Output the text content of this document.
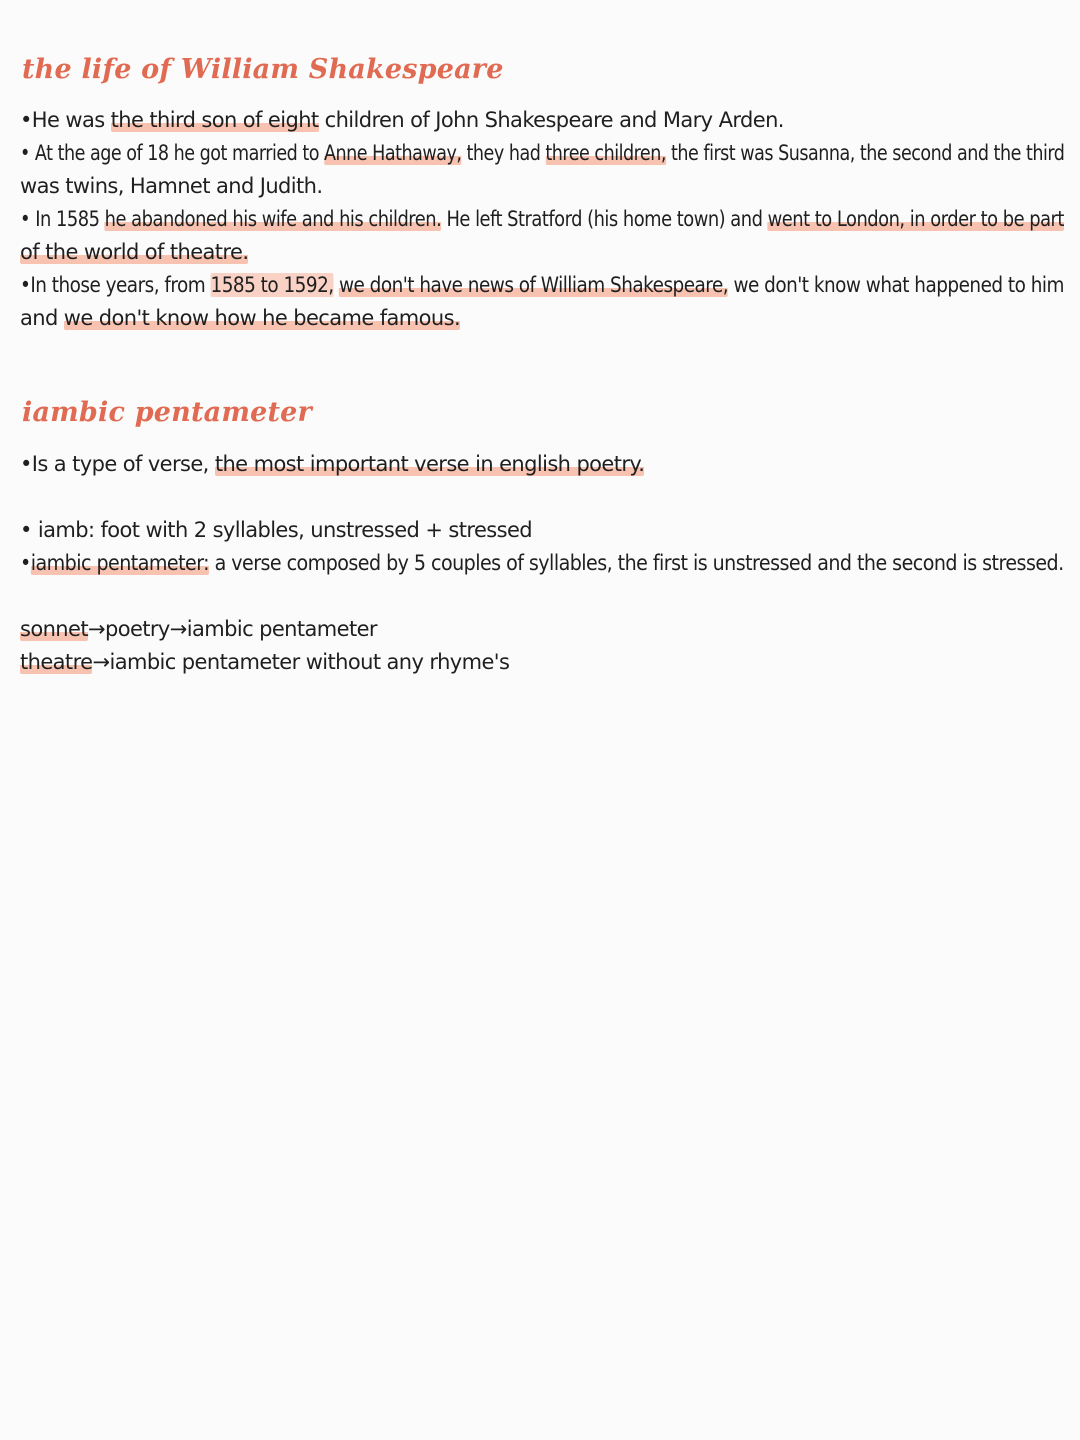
the life of William Shakespeare
•He was the third son of eight children of John Shakespeare and Mary Arden.
• At the age of 18 he got married to Anne Hathaway, they had three children, the first was Susanna, the second and the third
was twins, Hamnet and Judith.
• In 1585 he abandoned his wife and his children. He left Stratford (his home town) and went to London, in order to be part
of the world of theatre.
•In those years, from 1585 to 1592, we don't have news of William Shakespeare, we don't know what happened to him
and we don't know how he became famous.
iambic pentameter
•Is a type of verse, the most important verse in english poetry.
• iamb: foot with 2 syllables, unstressed + stressed
•iambic pentameter: a verse composed by 5 couples of syllables, the first is unstressed and the second is stressed.
sonnet→poetry→iambic pentameter
theatre→iambic pentameter without any rhyme's
